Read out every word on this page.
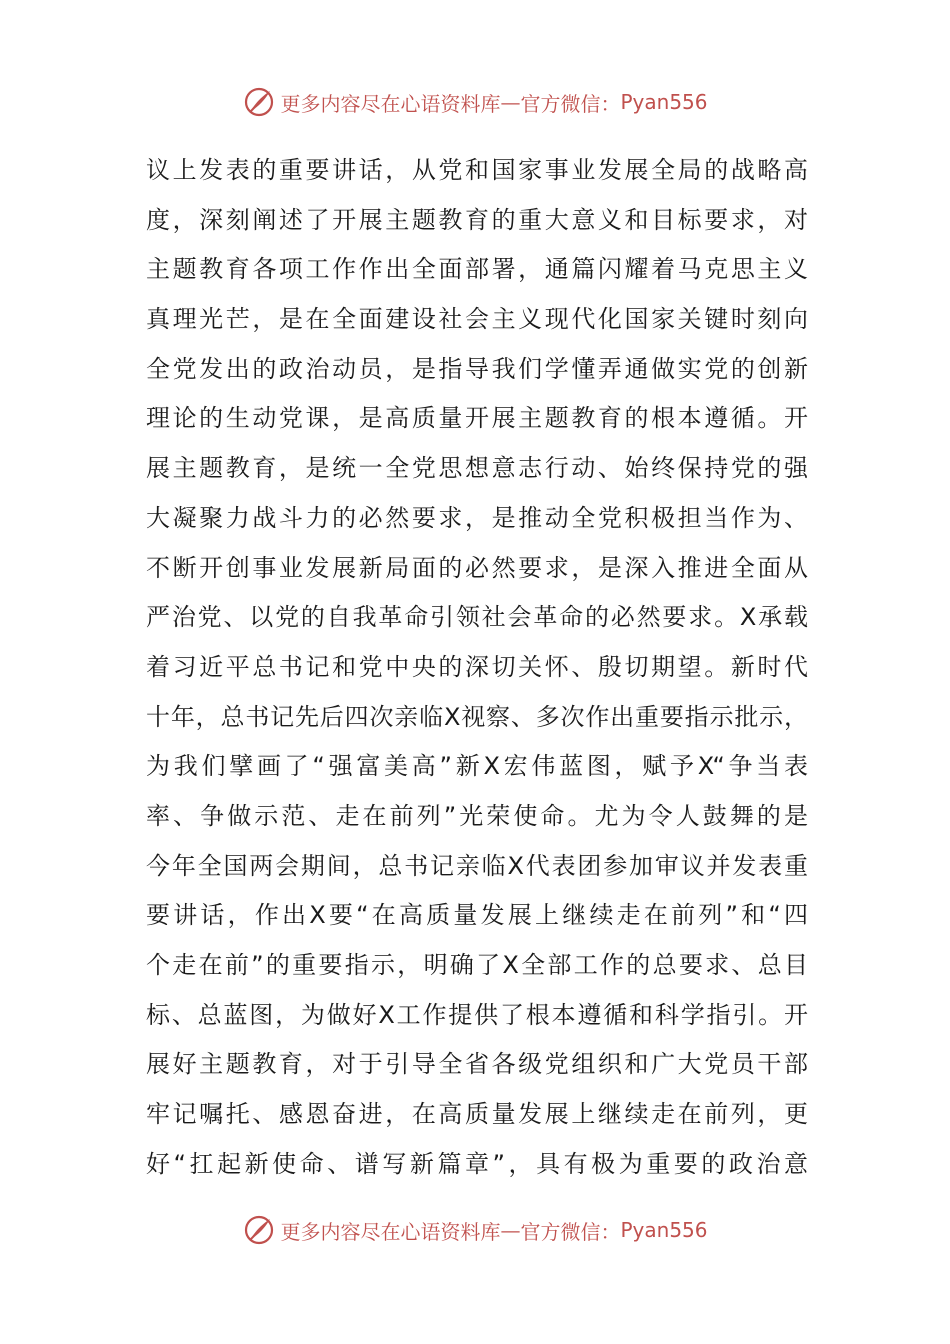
更多内容尽在心语资料库 — 官方微信： Pyan556
议上发表的重要讲话，从党和国家事业发展全局的战略高
度，深刻阐述了开展主题教育的重大意义和目标要求，对
主题教育各项工作作出全面部署，通篇闪耀着马克思主义
真理光芒，是在全面建设社会主义现代化国家关键时刻向
全党发出的政治动员，是指导我们学懂弄通做实党的创新
理论的生动党课，是高质量开展主题教育的根本遵循。开
展主题教育，是统一全党思想意志行动、始终保持党的强
大凝聚力战斗力的必然要求，是推动全党积极担当作为、
不断开创事业发展新局面的必然要求，是深入推进全面从
严治党、以党的自我革命引领社会革命的必然要求。X承载
着习近平总书记和党中央的深切关怀、殷切期望。新时代
十年，总书记先后四次亲临X视察、多次作出重要指示批示，
为我们擘画了“强富美高”新X宏伟蓝图，赋予X“争当表
率、争做示范、走在前列”光荣使命。尤为令人鼓舞的是
今年全国两会期间，总书记亲临X代表团参加审议并发表重
要讲话，作出X要“在高质量发展上继续走在前列”和“四
个走在前”的重要指示，明确了X全部工作的总要求、总目
标、总蓝图，为做好X工作提供了根本遵循和科学指引。开
展好主题教育，对于引导全省各级党组织和广大党员干部
牢记嘱托、感恩奋进，在高质量发展上继续走在前列，更
好“扛起新使命、谱写新篇章”，具有极为重要的政治意
更多内容尽在心语资料库 — 官方微信： Pyan556
